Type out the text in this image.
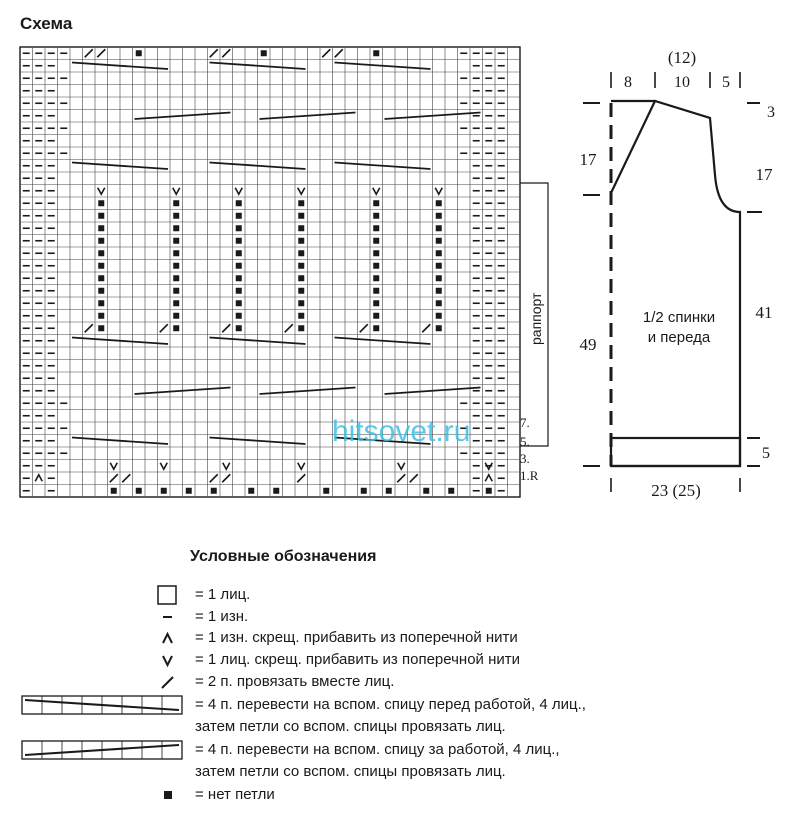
Схема
раппорт
7.
5.
3.
1.R
(12)
8	10 5
17
49
3
17
41
5
1/2 спинки
и переда
23 (25)
hitsovet.ru
Условные обозначения
= 1 лиц.
= 1 изн.
= 1 изн. скрещ. прибавить из поперечной нити
= 1 лиц. скрещ. прибавить из поперечной нити
= 2 п. провязать вместе лиц.
= 4 п. перевести на вспом. спицу перед работой, 4 лиц.,
затем петли со вспом. спицы провязать лиц.
= 4 п. перевести на вспом. спицу за работой, 4 лиц.,
затем петли со вспом. спицы провязать лиц.
= нет петли
